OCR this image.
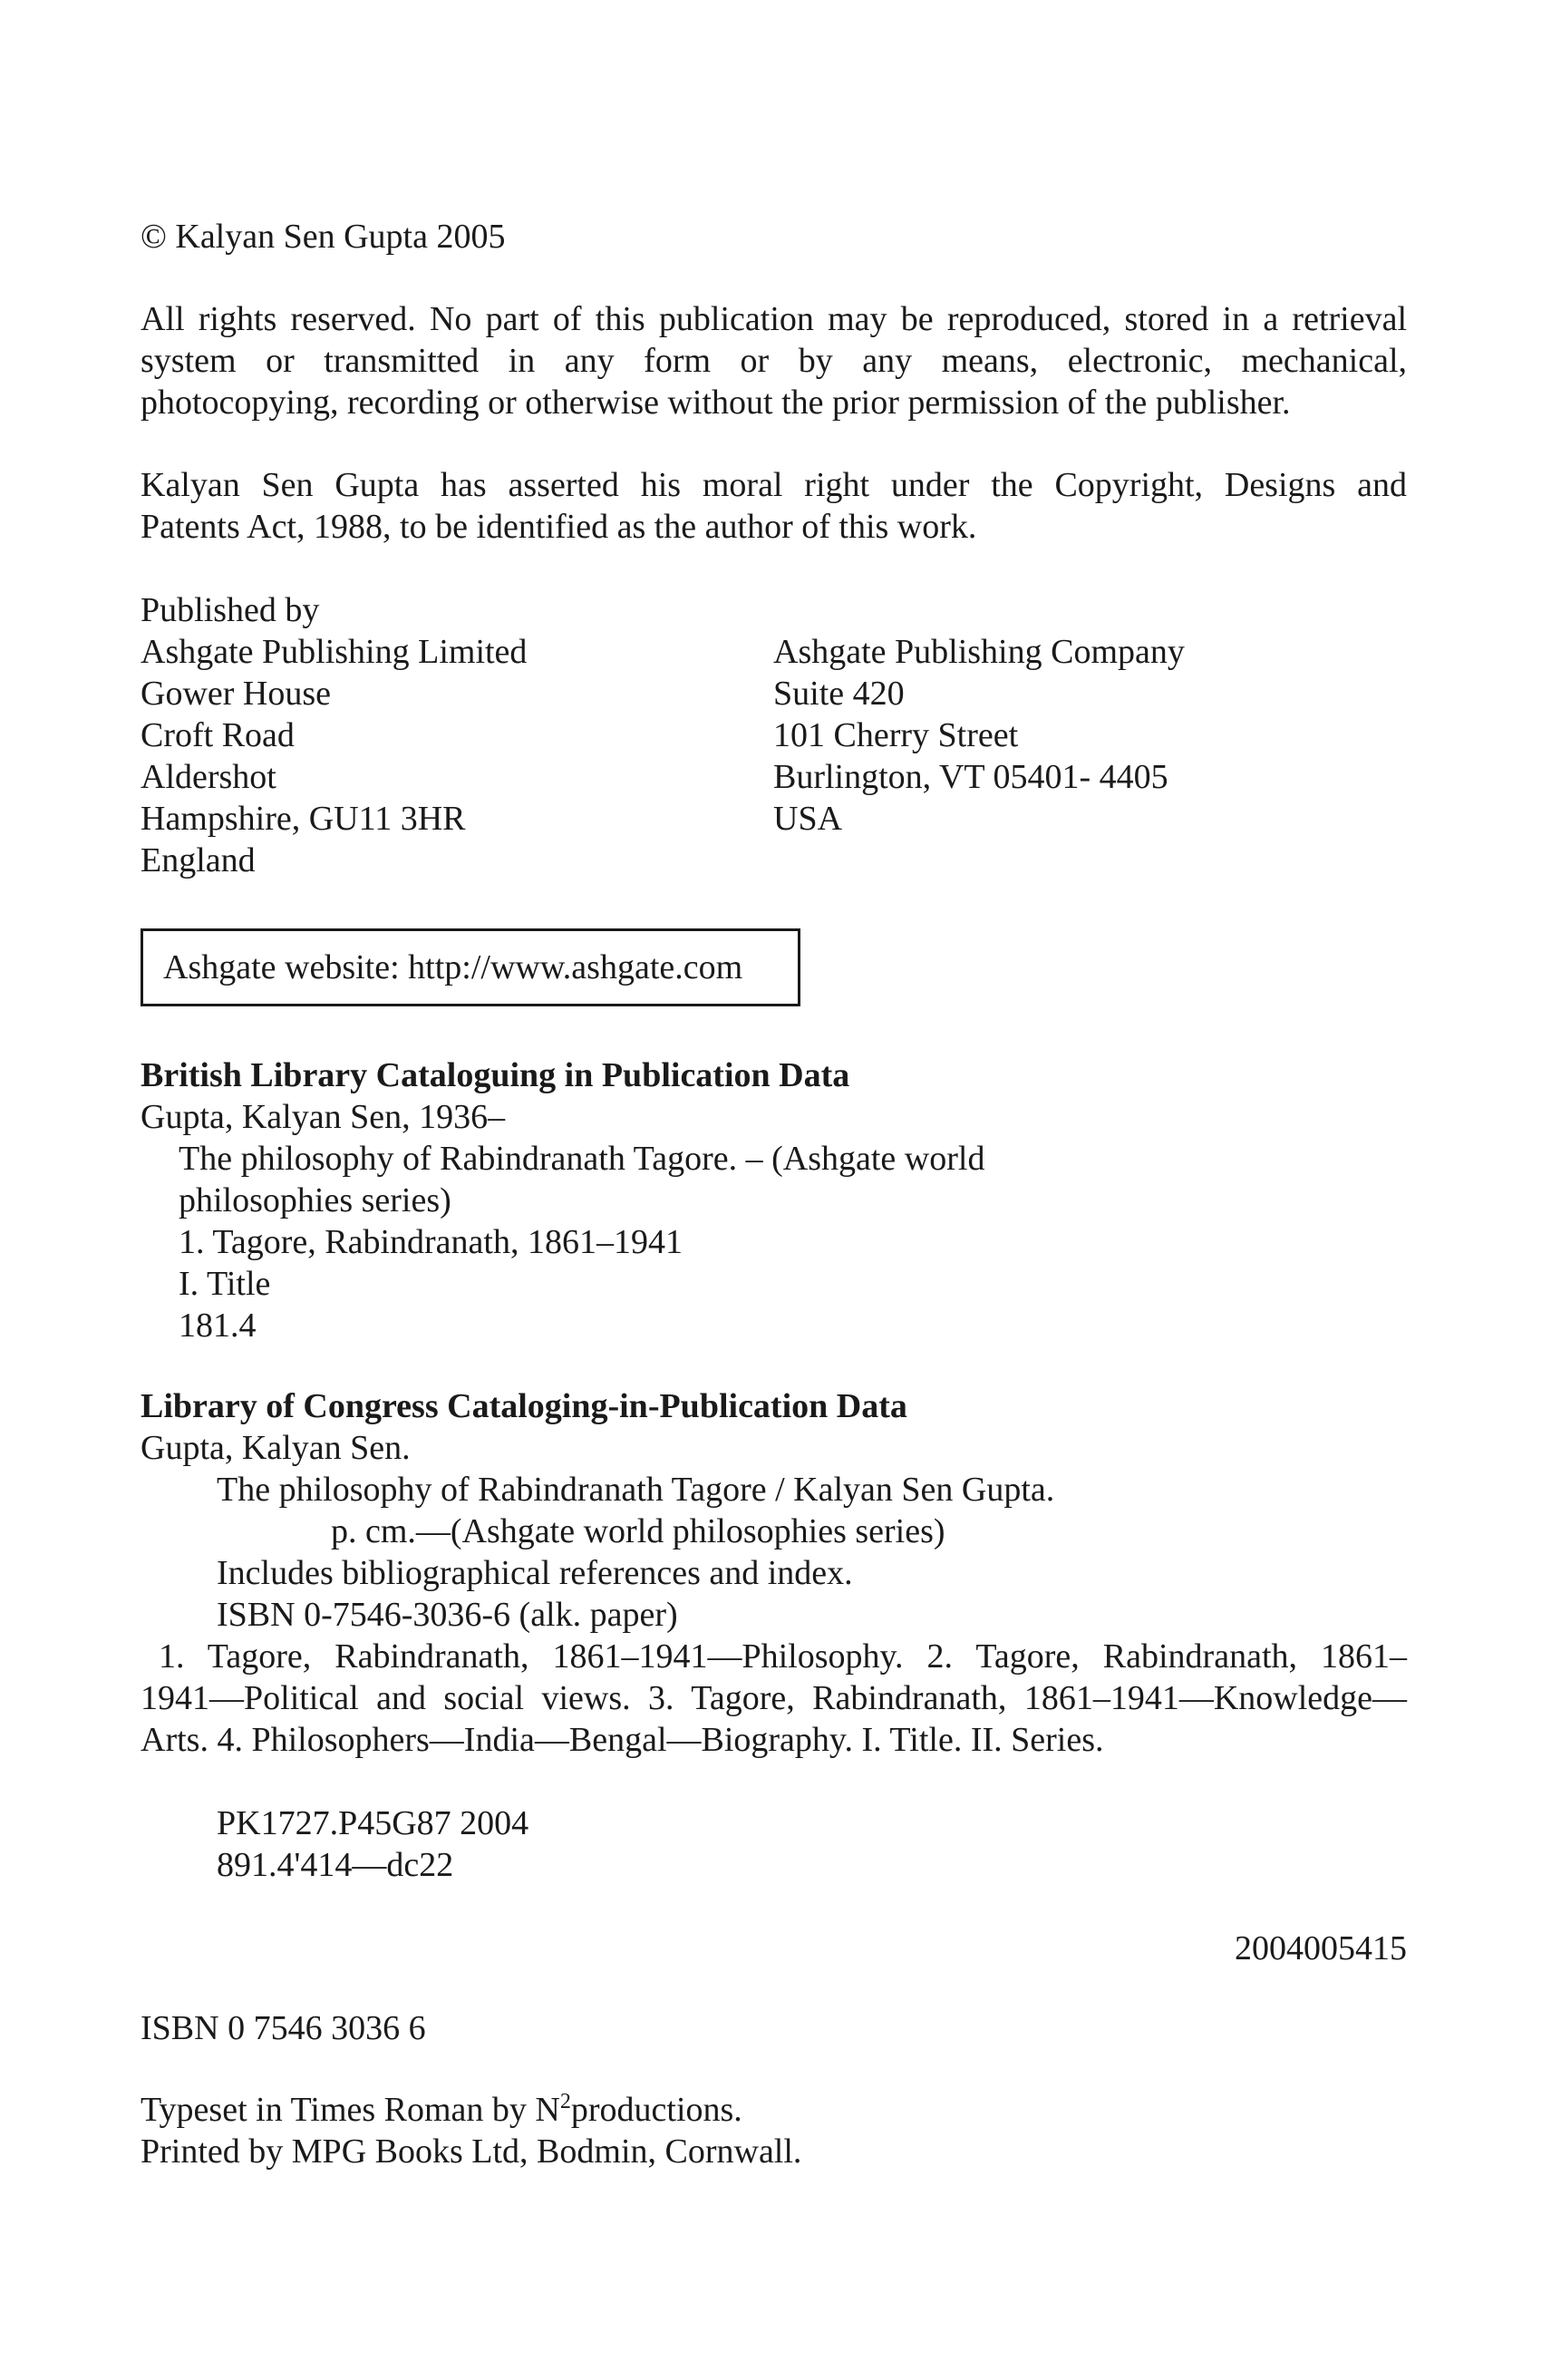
© Kalyan Sen Gupta 2005
All rights reserved. No part of this publication may be reproduced, stored in a retrieval
system or transmitted in any form or by any means, electronic, mechanical,
photocopying, recording or otherwise without the prior permission of the publisher.
Kalyan Sen Gupta has asserted his moral right under the Copyright, Designs and
Patents Act, 1988, to be identified as the author of this work.
Published by
Ashgate Publishing Limited
Gower House
Croft Road
Aldershot
Hampshire, GU11 3HR
England
Ashgate Publishing Company
Suite 420
101 Cherry Street
Burlington, VT 05401- 4405
USA
Ashgate website: http://www.ashgate.com
British Library Cataloguing in Publication Data
Gupta, Kalyan Sen, 1936–
The philosophy of Rabindranath Tagore. – (Ashgate world
philosophies series)
1. Tagore, Rabindranath, 1861–1941
I. Title
181.4
Library of Congress Cataloging-in-Publication Data
Gupta, Kalyan Sen.
The philosophy of Rabindranath Tagore / Kalyan Sen Gupta.
p. cm.—(Ashgate world philosophies series)
Includes bibliographical references and index.
ISBN 0-7546-3036-6 (alk. paper)
1. Tagore, Rabindranath, 1861–1941—Philosophy. 2. Tagore, Rabindranath, 1861–
1941—Political and social views. 3. Tagore, Rabindranath, 1861–1941—Knowledge—
Arts. 4. Philosophers—India—Bengal—Biography. I. Title. II. Series.
PK1727.P45G87 2004
891.4'414—dc22
2004005415
ISBN 0 7546 3036 6
Typeset in Times Roman by $N^2productions$.
Printed by MPG Books Ltd, Bodmin, Cornwall.
